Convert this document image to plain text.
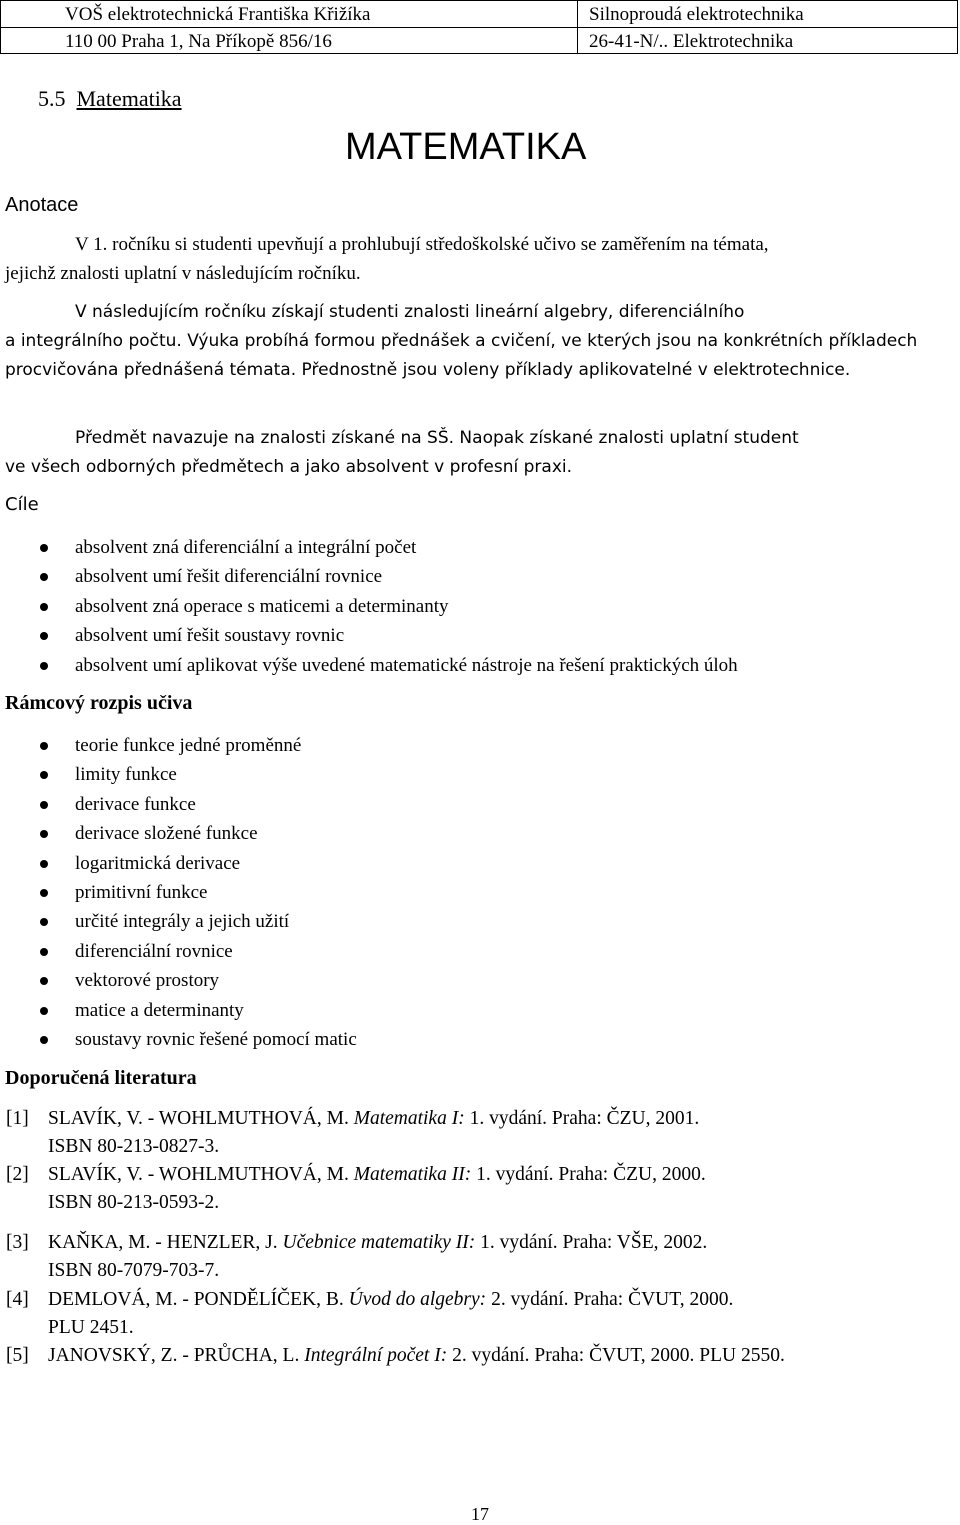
VOŠ elektrotechnická Františka Křižíka	Silnoproudá elektrotechnika
110 00 Praha 1, Na Příkopě 856/16	26-41-N/.. Elektrotechnika
5.5 Matematika
MATEMATIKA
Anotace
V 1. ročníku si studenti upevňují a prohlubují středoškolské učivo se zaměřením na témata,
jejichž znalosti uplatní v následujícím ročníku.
V následujícím ročníku získají studenti znalosti lineární algebry, diferenciálního
a integrálního počtu. Výuka probíhá formou přednášek a cvičení, ve kterých jsou na konkrétních příkladech procvičována přednášená témata. Přednostně jsou voleny příklady aplikovatelné v elektrotechnice.
Předmět navazuje na znalosti získané na SŠ. Naopak získané znalosti uplatní student
ve všech odborných předmětech a jako absolvent v profesní praxi.
Cíle
absolvent zná diferenciální a integrální počet
absolvent umí řešit diferenciální rovnice
absolvent zná operace s maticemi a determinanty
absolvent umí řešit soustavy rovnic
absolvent umí aplikovat výše uvedené matematické nástroje na řešení praktických úloh
Rámcový rozpis učiva
teorie funkce jedné proměnné
limity funkce
derivace funkce
derivace složené funkce
logaritmická derivace
primitivní funkce
určité integrály a jejich užití
diferenciální rovnice
vektorové prostory
matice a determinanty
soustavy rovnic řešené pomocí matic
Doporučená literatura
[1] SLAVÍK, V. - WOHLMUTHOVÁ, M. Matematika I: 1. vydání. Praha: ČZU, 2001.
ISBN 80-213-0827-3.
[2] SLAVÍK, V. - WOHLMUTHOVÁ, M. Matematika II: 1. vydání. Praha: ČZU, 2000.
ISBN 80-213-0593-2.
[3] KAŇKA, M. - HENZLER, J. Učebnice matematiky II: 1. vydání. Praha: VŠE, 2002.
ISBN 80-7079-703-7.
[4] DEMLOVÁ, M. - PONDĚLÍČEK, B. Úvod do algebry: 2. vydání. Praha: ČVUT, 2000.
PLU 2451.
[5] JANOVSKÝ, Z. - PRŮCHA, L. Integrální počet I: 2. vydání. Praha: ČVUT, 2000. PLU 2550.
17
